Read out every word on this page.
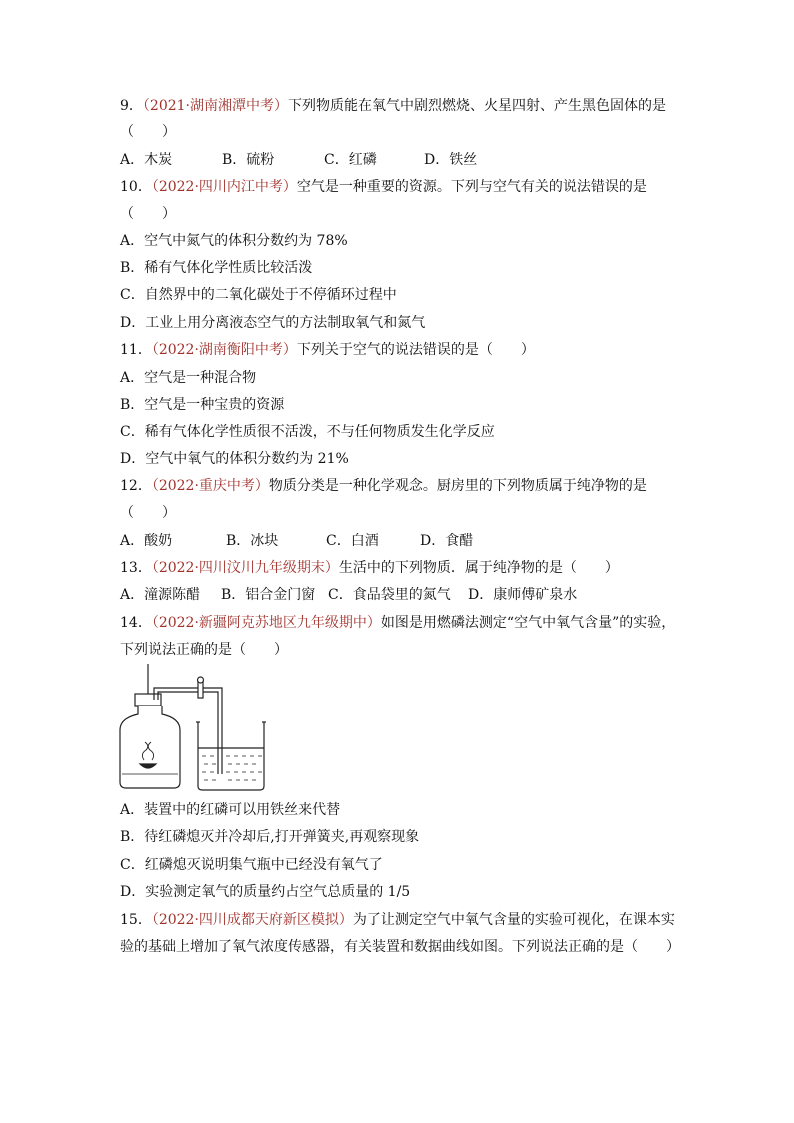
9．（2021·湖南湘潭中考）下列物质能在氧气中剧烈燃烧、火星四射、产生黑色固体的是
（　　）
A．木炭	B．硫粉	C．红磷	D．铁丝
10．（2022·四川内江中考）空气是一种重要的资源。下列与空气有关的说法错误的是
（　　）
A．空气中氮气的体积分数约为 78%
B．稀有气体化学性质比较活泼
C．自然界中的二氧化碳处于不停循环过程中
D．工业上用分离液态空气的方法制取氧气和氮气
11．（2022·湖南衡阳中考）下列关于空气的说法错误的是（　　）
A．空气是一种混合物
B．空气是一种宝贵的资源
C．稀有气体化学性质很不活泼，不与任何物质发生化学反应
D．空气中氧气的体积分数约为 21%
12．（2022·重庆中考）物质分类是一种化学观念。厨房里的下列物质属于纯净物的是
（　　）
A．酸奶	B．冰块	C．白酒	D．食醋
13．（2022·四川汶川九年级期末）生活中的下列物质．属于纯净物的是（　　）
A．潼源陈醋 B．铝合金门窗 C．食品袋里的氮气 D．康师傅矿泉水
14．（2022·新疆阿克苏地区九年级期中）如图是用燃磷法测定“空气中氧气含量”的实验，
下列说法正确的是（　　）
A．装置中的红磷可以用铁丝来代替
B．待红磷熄灭并冷却后,打开弹簧夹,再观察现象
C．红磷熄灭说明集气瓶中已经没有氧气了
D．实验测定氧气的质量约占空气总质量的 1/5
15．（2022·四川成都天府新区模拟）为了让测定空气中氧气含量的实验可视化，在课本实
验的基础上增加了氧气浓度传感器，有关装置和数据曲线如图。下列说法正确的是（　　）
